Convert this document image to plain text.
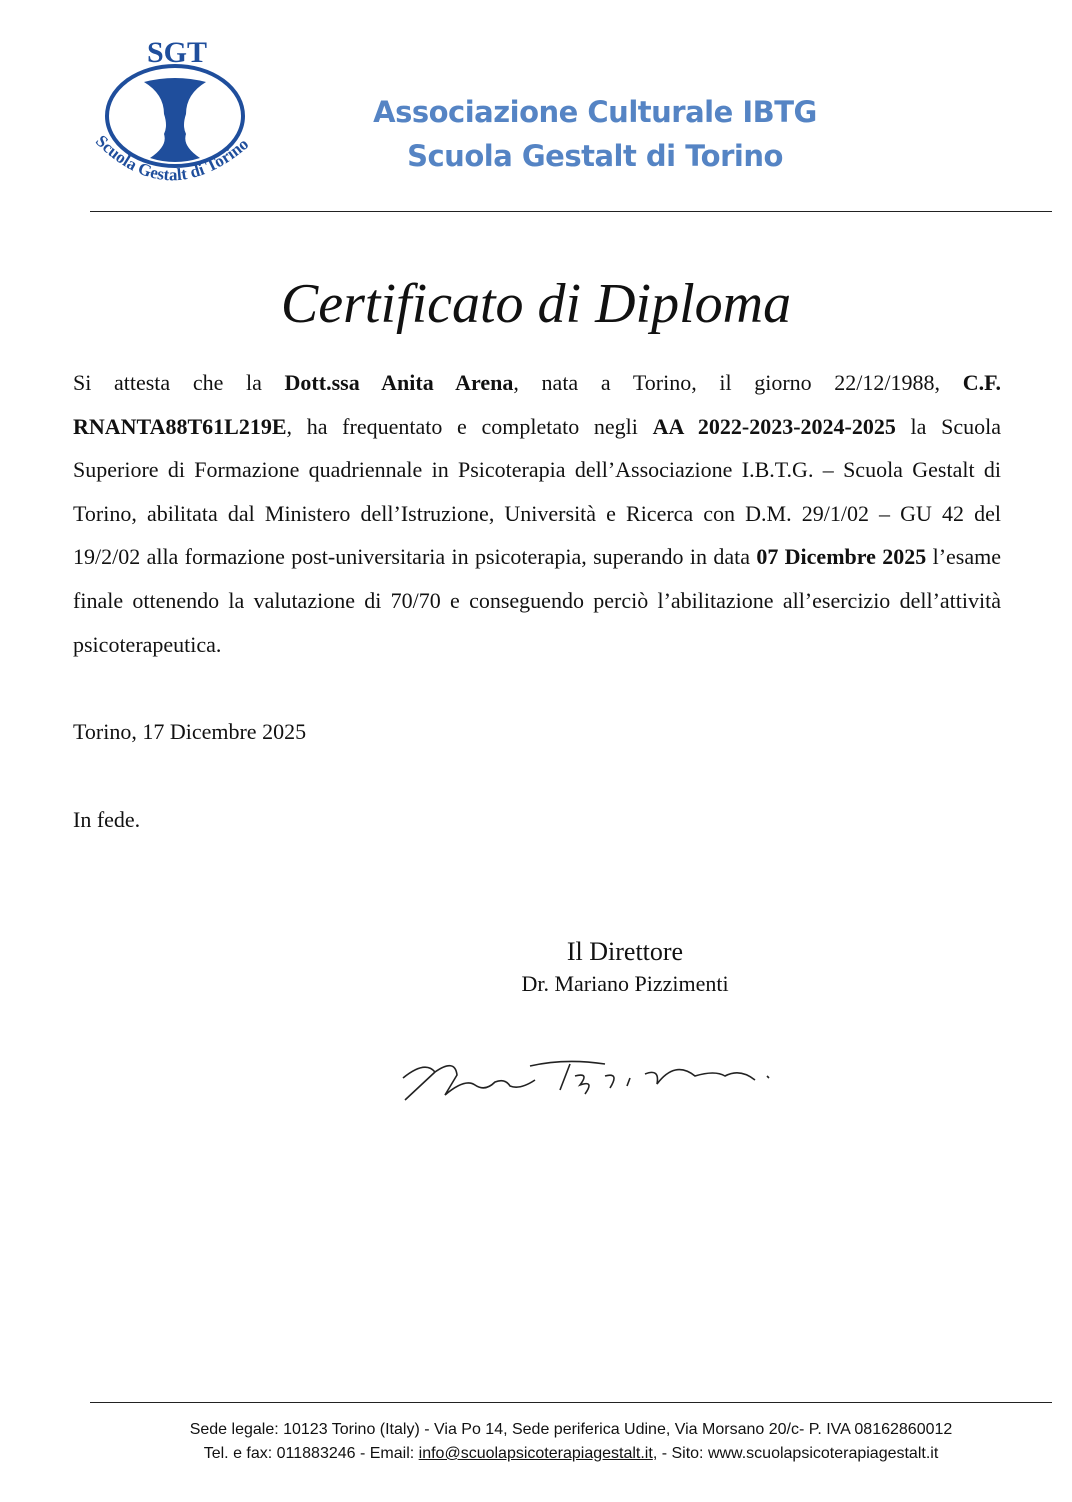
SGT
Scuola Gestalt di Torino
Associazione Culturale IBTG
Scuola Gestalt di Torino
Certificato di Diploma
Si attesta che la Dott.ssa Anita Arena, nata a Torino, il giorno 22/12/1988, C.F. RNANTA88T61L219E, ha frequentato e completato negli AA 2022-2023-2024-2025 la Scuola Superiore di Formazione quadriennale in Psicoterapia dell’Associazione I.B.T.G. – Scuola Gestalt di Torino, abilitata dal Ministero dell’Istruzione, Università e Ricerca con D.M. 29/1/02 – GU 42 del 19/2/02 alla formazione post-universitaria in psicoterapia, superando in data 07 Dicembre 2025 l’esame finale ottenendo la valutazione di 70/70 e conseguendo perciò l’abilitazione all’esercizio dell’attività psicoterapeutica.
Torino, 17 Dicembre 2025
In fede.
Il Direttore
Dr. Mariano Pizzimenti
Sede legale: 10123 Torino (Italy) - Via Po 14, Sede periferica Udine, Via Morsano 20/c- P. IVA 08162860012
Tel. e fax: 011883246 - Email: info@scuolapsicoterapiagestalt.it, - Sito: www.scuolapsicoterapiagestalt.it
